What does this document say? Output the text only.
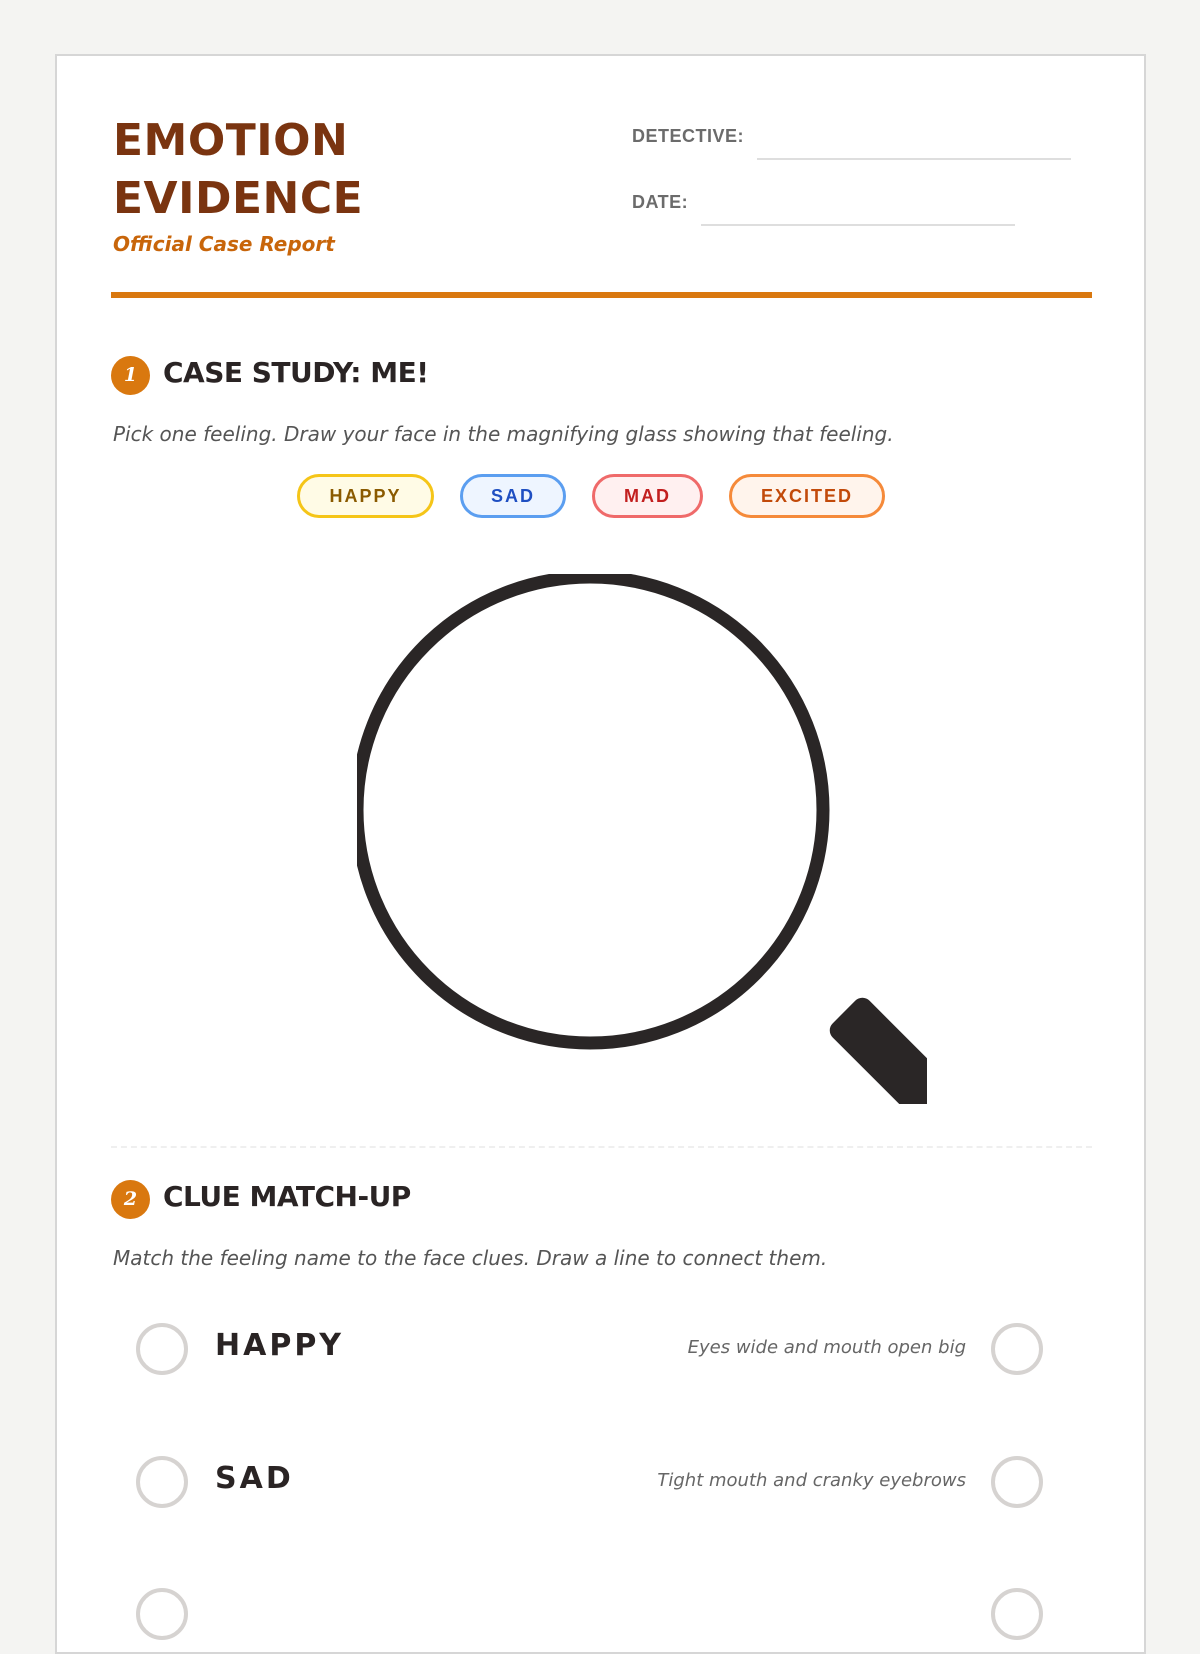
EMOTION
EVIDENCE
Official Case Report
DETECTIVE:
DATE:
1 CASE STUDY: ME!
Pick one feeling. Draw your face in the magnifying glass showing that feeling.
HAPPY	SAD	MAD	EXCITED
2 CLUE MATCH-UP
Match the feeling name to the face clues. Draw a line to connect them.
HAPPY	Eyes wide and mouth open big
SAD	Tight mouth and cranky eyebrows
